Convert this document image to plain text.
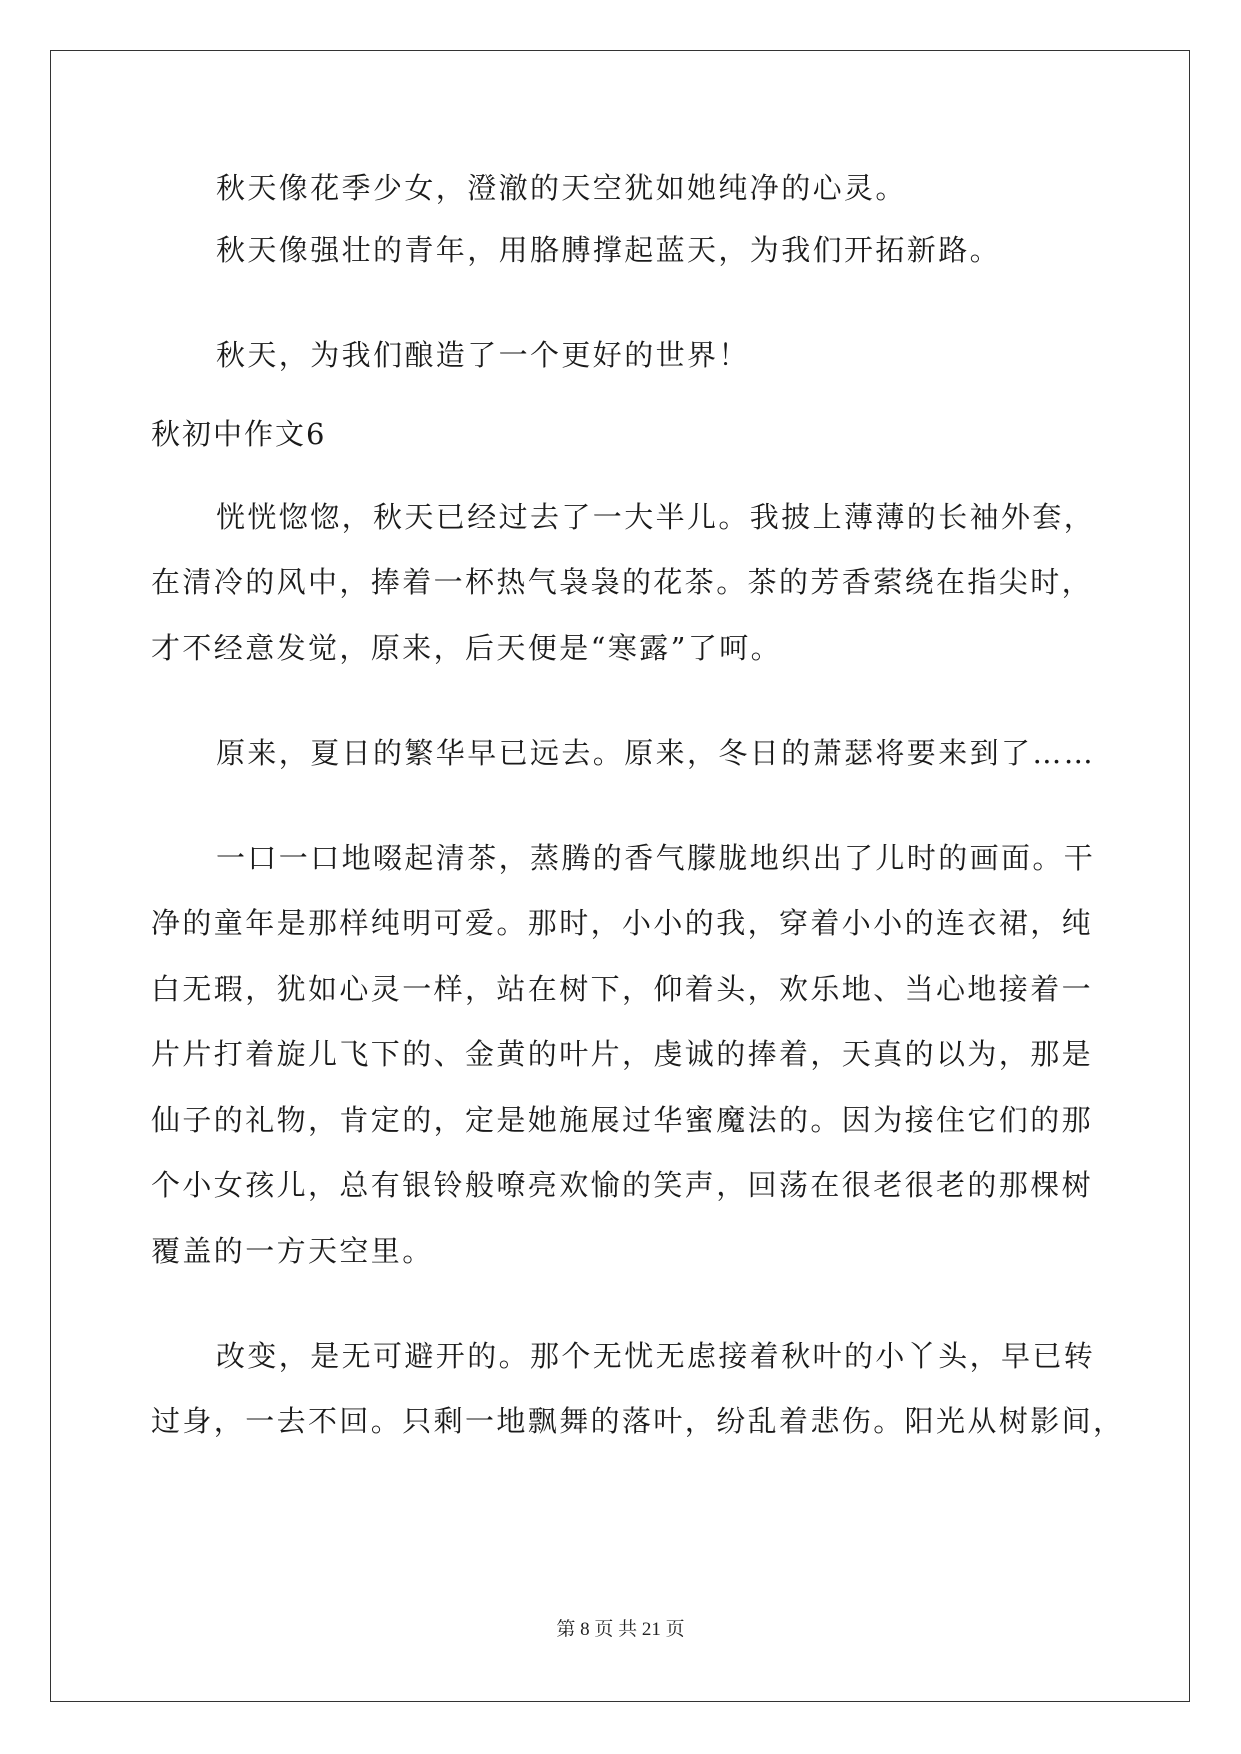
秋天像花季少女，澄澈的天空犹如她纯净的心灵。
秋天像强壮的青年，用胳膊撑起蓝天，为我们开拓新路。
秋天，为我们酿造了一个更好的世界！
秋初中作文6
恍恍惚惚，秋天已经过去了一大半儿。我披上薄薄的长袖外套，
在清冷的风中，捧着一杯热气袅袅的花茶。茶的芳香萦绕在指尖时，
才不经意发觉，原来，后天便是“寒露”了呵。
原来，夏日的繁华早已远去。原来，冬日的萧瑟将要来到了……
一口一口地啜起清茶，蒸腾的香气朦胧地织出了儿时的画面。干
净的童年是那样纯明可爱。那时，小小的我，穿着小小的连衣裙，纯
白无瑕，犹如心灵一样，站在树下，仰着头，欢乐地、当心地接着一
片片打着旋儿飞下的、金黄的叶片，虔诚的捧着，天真的以为，那是
仙子的礼物，肯定的，定是她施展过华蜜魔法的。因为接住它们的那
个小女孩儿，总有银铃般嘹亮欢愉的笑声，回荡在很老很老的那棵树
覆盖的一方天空里。
改变，是无可避开的。那个无忧无虑接着秋叶的小丫头，早已转
过身，一去不回。只剩一地飘舞的落叶，纷乱着悲伤。阳光从树影间，
第 8 页 共 21 页
